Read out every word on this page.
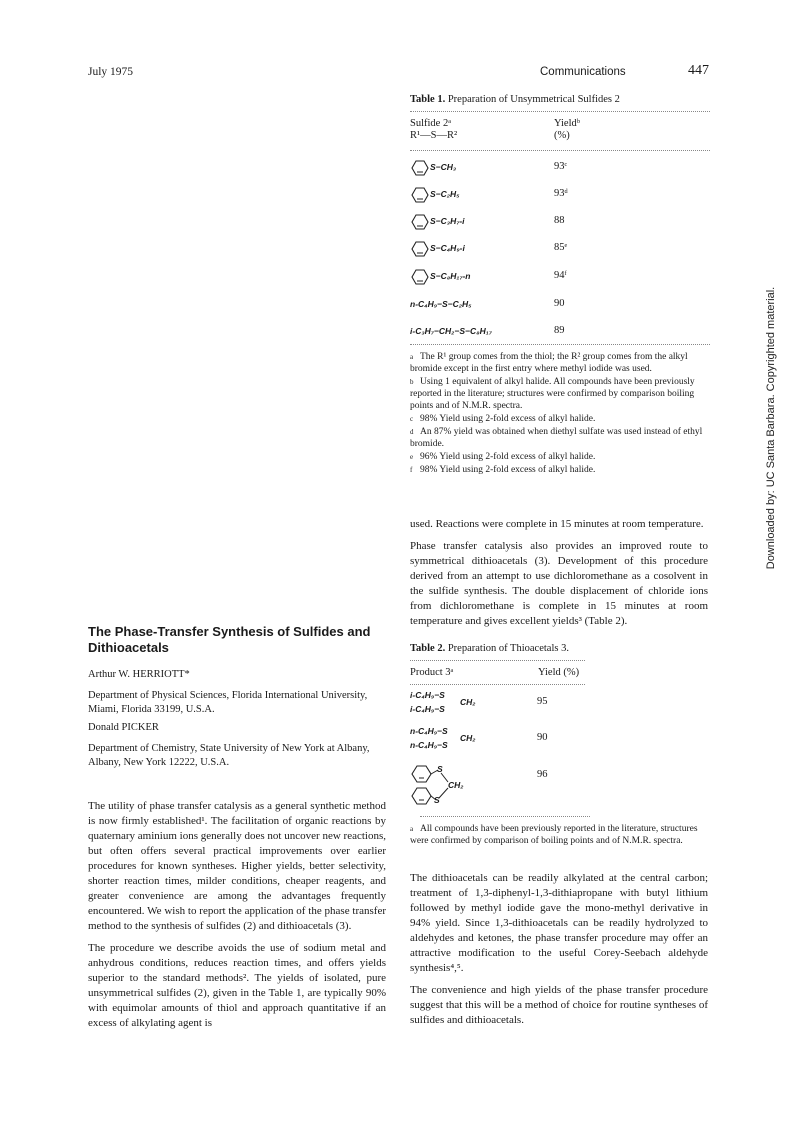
July 1975	Communications	447
Downloaded by: UC Santa Barbara. Copyrighted material.
Table 1. Preparation of Unsymmetrical Sulfides 2
Sulfide 2ᵃ
R¹—S—R²
Yieldᵇ
(%)
S−CH₃	93ᶜ
S−C₂H₅	93ᵈ
S−C₃H₇-i	88
S−C₄H₉-i	85ᵉ
S−C₈H₁₇-n	94ᶠ
n-C₄H₉−S−C₂H₅	90
i-C₃H₇−CH₂−S−C₈H₁₇	89
a The R¹ group comes from the thiol; the R² group comes from the alkyl bromide except in the first entry where methyl iodide was used.
b Using 1 equivalent of alkyl halide. All compounds have been previously reported in the literature; structures were confirmed by comparison boiling points and of N.M.R. spectra.
c 98% Yield using 2-fold excess of alkyl halide.
d An 87% yield was obtained when diethyl sulfate was used instead of ethyl bromide.
e 96% Yield using 2-fold excess of alkyl halide.
f 98% Yield using 2-fold excess of alkyl halide.

used. Reactions were complete in 15 minutes at room temperature.

Phase transfer catalysis also provides an improved route to symmetrical dithioacetals (3). Development of this procedure derived from an attempt to use dichloromethane as a cosolvent in the sulfide synthesis. The double displacement of chloride ions from dichloromethane is complete in 15 minutes at room temperature and gives excellent yields³ (Table 2).

Table 2. Preparation of Thioacetals 3.
Product 3ᵃ	Yield (%)
i-C₄H₉−S
i-C₄H₉−S
CH₂	95
n-C₄H₉−S
n-C₄H₉−S
CH₂	90
S
S
CH₂
96
a All compounds have been previously reported in the literature, structures were confirmed by comparison of boiling points and of N.M.R. spectra.

The dithioacetals can be readily alkylated at the central carbon; treatment of 1,3-diphenyl-1,3-dithiapropane with butyl lithium followed by methyl iodide gave the mono-methyl derivative in 94% yield. Since 1,3-dithioacetals can be readily hydrolyzed to aldehydes and ketones, the phase transfer procedure may offer an attractive modification to the useful Corey-Seebach aldehyde synthesis⁴,⁵.

The convenience and high yields of the phase transfer procedure suggest that this will be a method of choice for routine syntheses of sulfides and dithioacetals.

The Phase-Transfer Synthesis of Sulfides and Dithioacetals
Arthur W. HERRIOTT*
Department of Physical Sciences, Florida International University, Miami, Florida 33199, U.S.A.
Donald PICKER
Department of Chemistry, State University of New York at Albany, Albany, New York 12222, U.S.A.

The utility of phase transfer catalysis as a general synthetic method is now firmly established¹. The facilitation of organic reactions by quaternary aminium ions generally does not uncover new reactions, but often offers several practical improvements over earlier procedures for known syntheses. Higher yields, better selectivity, shorter reaction times, milder conditions, cheaper reagents, and greater convenience are among the advantages frequently encountered. We wish to report the application of the phase transfer method to the synthesis of sulfides (2) and dithioacetals (3).

The procedure we describe avoids the use of sodium metal and anhydrous conditions, reduces reaction times, and offers yields superior to the standard methods². The yields of isolated, pure unsymmetrical sulfides (2), given in the Table 1, are typically 90% with equimolar amounts of thiol and approach quantitative if an excess of alkylating agent is
